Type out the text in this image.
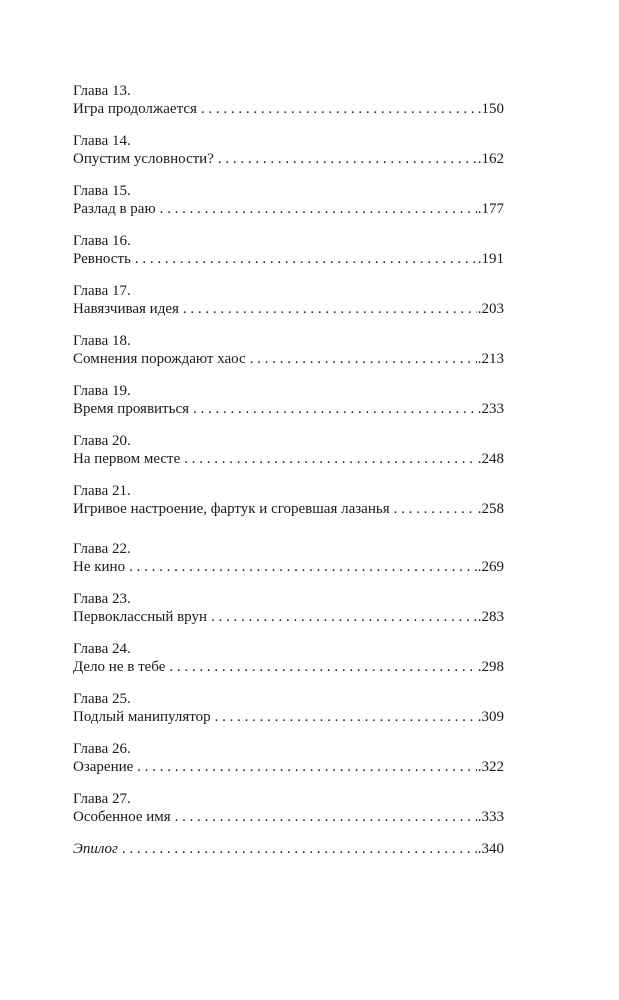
Глава 13.
Игра продолжается . . .	.150
Глава 14.
Опустим условности? . . .	.162
Глава 15.
Разлад в раю . . .	.177
Глава 16.
Ревность . . .	.191
Глава 17.
Навязчивая идея . . .	.203
Глава 18.
Сомнения порождают хаос . . .	.213
Глава 19.
Время проявиться . . .	.233
Глава 20.
На первом месте . . .	.248
Глава 21.
Игривое настроение, фартук и сгоревшая лазанья . . .	.258
Глава 22.
Не кино . . .	.269
Глава 23.
Первоклассный врун . . .	.283
Глава 24.
Дело не в тебе . . .	.298
Глава 25.
Подлый манипулятор . . .	.309
Глава 26.
Озарение . . .	.322
Глава 27.
Особенное имя . . .	.333
Эпилог . . .	.340
